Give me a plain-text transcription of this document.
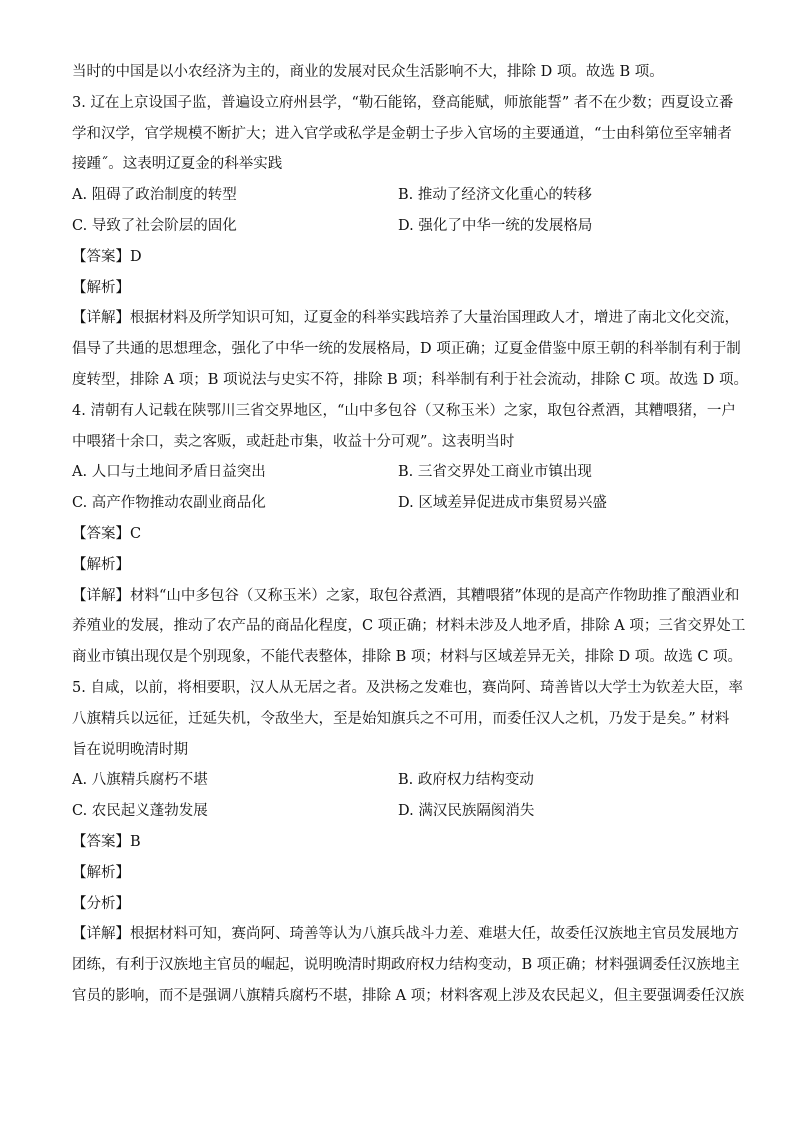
当时的中国是以小农经济为主的，商业的发展对民众生活影响不大，排除 D 项。故选 B 项。
3. 辽在上京设国子监，普遍设立府州县学，“勒石能铭，登高能赋，师旅能誓” 者不在少数；西夏设立番
学和汉学，官学规模不断扩大；进入官学或私学是金朝士子步入官场的主要通道，“士由科第位至宰辅者
接踵˝。这表明辽夏金的科举实践
A. 阻碍了政治制度的转型	B. 推动了经济文化重心的转移
C. 导致了社会阶层的固化	D. 强化了中华一统的发展格局
【答案】D
【解析】
【详解】根据材料及所学知识可知，辽夏金的科举实践培养了大量治国理政人才，增进了南北文化交流，
倡导了共通的思想理念，强化了中华一统的发展格局，D 项正确；辽夏金借鉴中原王朝的科举制有利于制
度转型，排除 A 项；B 项说法与史实不符，排除 B 项；科举制有利于社会流动，排除 C 项。故选 D 项。
4. 清朝有人记载在陕鄂川三省交界地区，“山中多包谷（又称玉米）之家，取包谷煮酒，其糟喂猪，一户
中喂猪十余口，卖之客贩，或赶赴市集，收益十分可观”。这表明当时
A. 人口与土地间矛盾日益突出	B. 三省交界处工商业市镇出现
C. 高产作物推动农副业商品化	D. 区域差异促进成市集贸易兴盛
【答案】C
【解析】
【详解】材料“山中多包谷（又称玉米）之家，取包谷煮酒，其糟喂猪”体现的是高产作物助推了酿酒业和
养殖业的发展，推动了农产品的商品化程度，C 项正确；材料未涉及人地矛盾，排除 A 项；三省交界处工
商业市镇出现仅是个别现象，不能代表整体，排除 B 项；材料与区域差异无关，排除 D 项。故选 C 项。
5. 自咸，以前，将相要职，汉人从无居之者。及洪杨之发难也，赛尚阿、琦善皆以大学士为钦差大臣，率
八旗精兵以远征，迁延失机，令敌坐大，至是始知旗兵之不可用，而委任汉人之机，乃发于是矣。” 材料
旨在说明晚清时期
A. 八旗精兵腐朽不堪	B. 政府权力结构变动
C. 农民起义蓬勃发展	D. 满汉民族隔阂消失
【答案】B
【解析】
【分析】
【详解】根据材料可知，赛尚阿、琦善等认为八旗兵战斗力差、难堪大任，故委任汉族地主官员发展地方
团练，有利于汉族地主官员的崛起，说明晚清时期政府权力结构变动，B 项正确；材料强调委任汉族地主
官员的影响，而不是强调八旗精兵腐朽不堪，排除 A 项；材料客观上涉及农民起义，但主要强调委任汉族
